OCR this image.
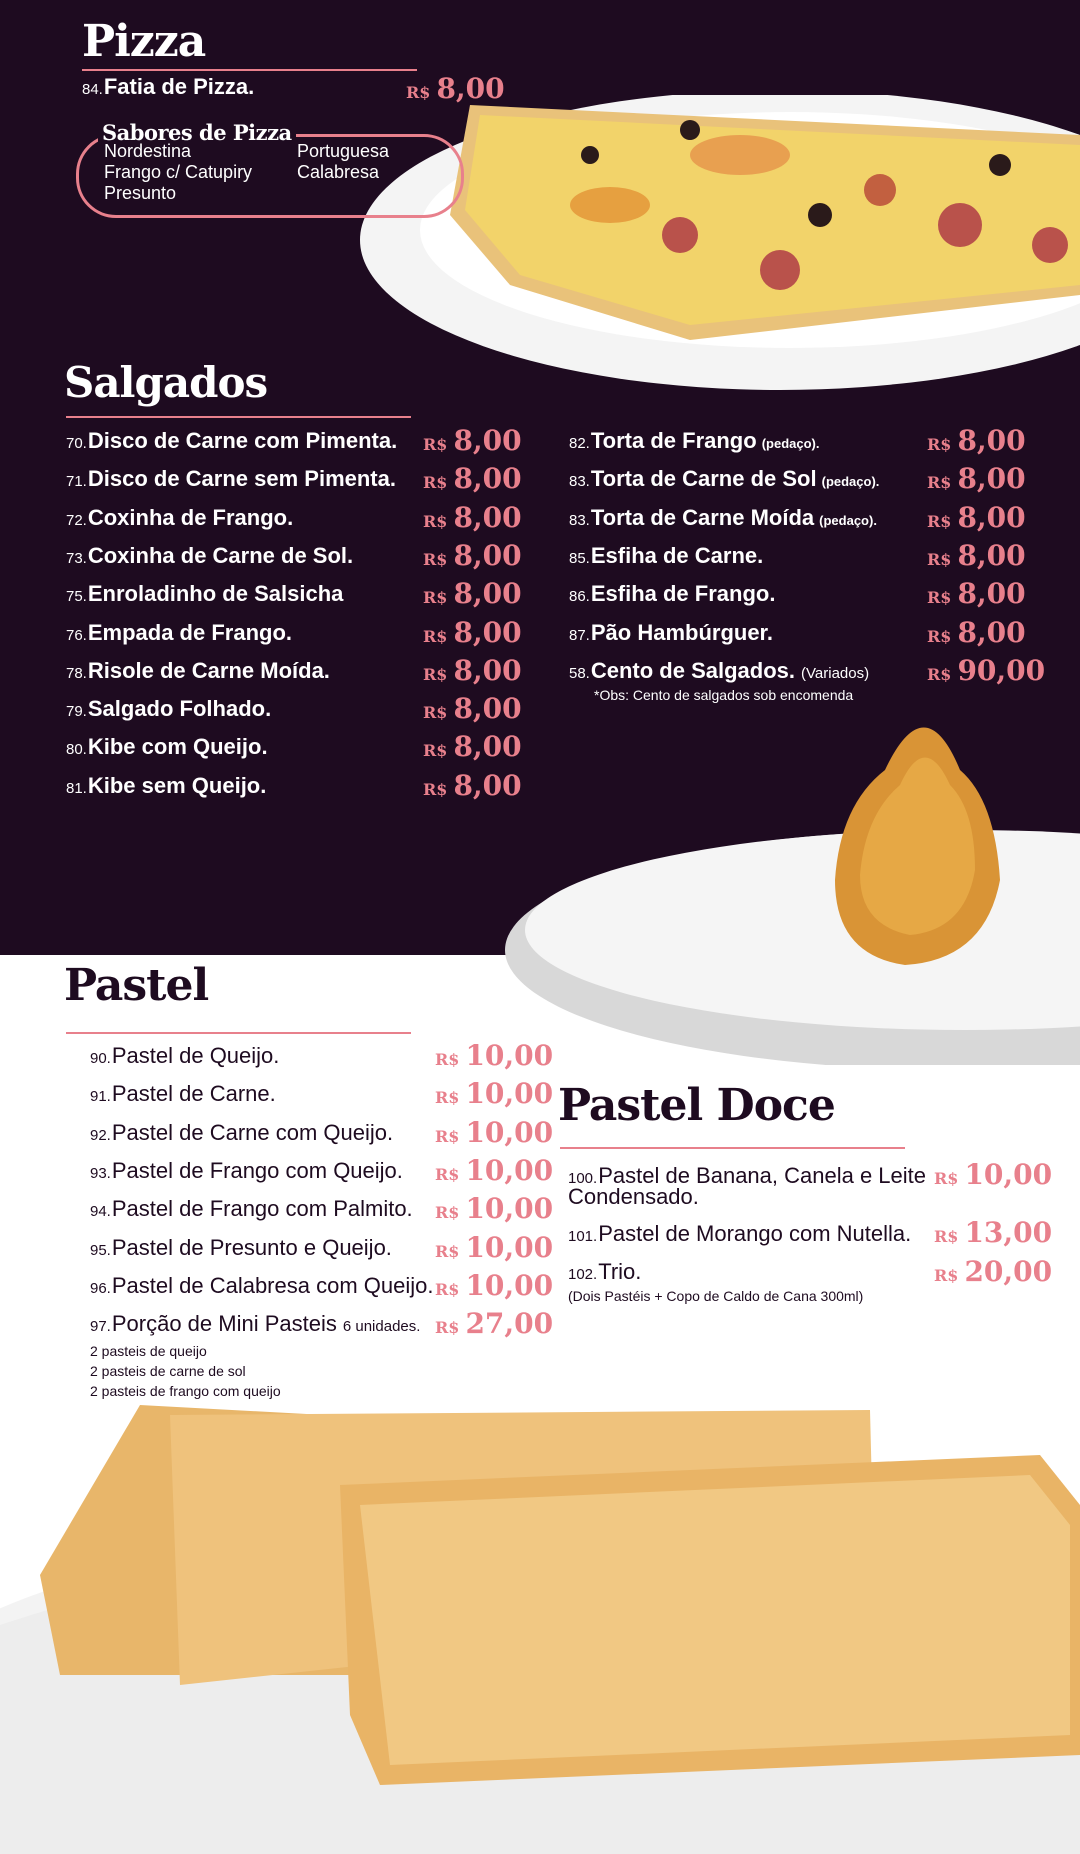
Pizza
84. Fatia de Pizza.	R$ 8,00
Sabores de Pizza
Nordestina
Frango c/ Catupiry
Presunto
Portuguesa
Calabresa
Salgados
70. Disco de Carne com Pimenta. R$ 8,00
71. Disco de Carne sem Pimenta. R$ 8,00
72. Coxinha de Frango.	R$ 8,00
73. Coxinha de Carne de Sol.	R$ 8,00
75. Enroladinho de Salsicha	R$ 8,00
76. Empada de Frango.	R$ 8,00
78. Risole de Carne Moída.	R$ 8,00
79. Salgado Folhado.	R$ 8,00
80. Kibe com Queijo.	R$ 8,00
81. Kibe sem Queijo.	R$ 8,00
82. Torta de Frango (pedaço).	R$ 8,00
83. Torta de Carne de Sol (pedaço).	R$ 8,00
83. Torta de Carne Moída (pedaço).	R$ 8,00
85. Esfiha de Carne.	R$ 8,00
86. Esfiha de Frango.	R$ 8,00
87. Pão Hambúrguer.	R$ 8,00
58. Cento de Salgados. (Variados)	R$ 90,00
*Obs: Cento de salgados sob encomenda
Pastel
90. Pastel de Queijo.	R$ 10,00
91. Pastel de Carne.	R$ 10,00
92. Pastel de Carne com Queijo.	R$ 10,00
93. Pastel de Frango com Queijo. R$ 10,00
94. Pastel de Frango com Palmito. R$ 10,00
95. Pastel de Presunto e Queijo.	R$ 10,00
96. Pastel de Calabresa com Queijo. R$ 10,00
97. Porção de Mini Pasteis 6 unidades. R$ 27,00
2 pasteis de queijo
2 pasteis de carne de sol
2 pasteis de frango com queijo
Pastel Doce
100. Pastel de Banana, Canela e Leite
Condensado.
R$ 10,00
101. Pastel de Morango com Nutella. R$ 13,00
102. Trio.	R$ 20,00
(Dois Pastéis + Copo de Caldo de Cana 300ml)
